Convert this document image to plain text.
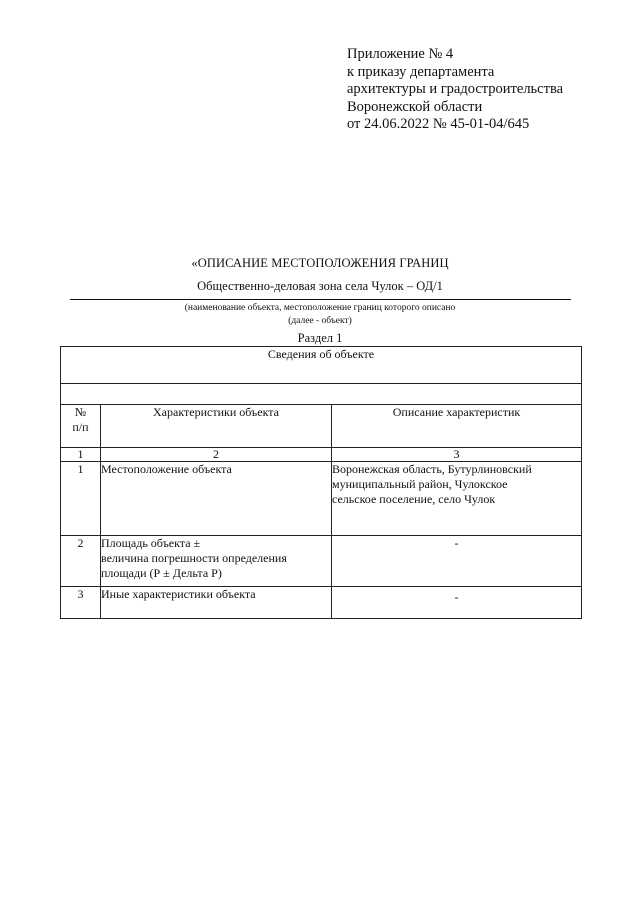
Приложение № 4
к приказу департамента
архитектуры и градостроительства
Воронежской области
от 24.06.2022 № 45-01-04/645
«ОПИСАНИЕ МЕСТОПОЛОЖЕНИЯ ГРАНИЦ
Общественно-деловая зона села Чулок – ОД/1
(наименование объекта, местоположение границ которого описано
(далее - объект)
Раздел 1
Сведения об объекте		

№
п/п	Характеристики объекта	Описание характеристик
1	2	3
1	Местоположение объекта	Воронежская область, Бутурлиновский
муниципальный район, Чулокское
сельское поселение, село Чулок

2	Площадь объекта ±
величина погрешности определения
площади (Р ± Дельта Р)	-
3	Иные характеристики объекта	-
